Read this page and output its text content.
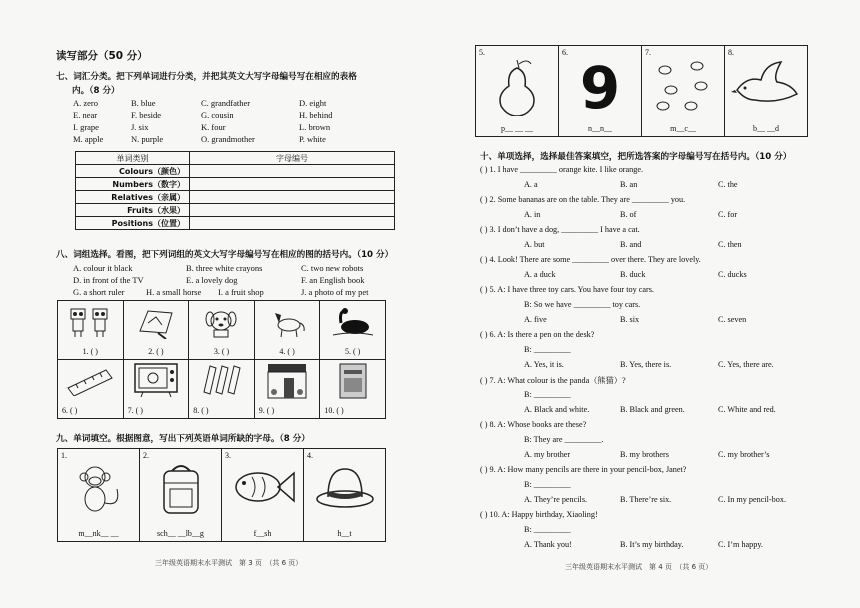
读写部分（50 分）
七、词汇分类。把下列单词进行分类，并把其英文大写字母编号写在相应的表格
内。（8 分）
A. zero	B. blue	C. grandfather	D. eight
E. near	F. beside	G. cousin	H. behind
I. grape	J. six	K. four	L. brown
M. apple	N. purple	O. grandmother	P. white
单词类别	字母编号
Colours（颜色）	
Numbers（数字）	
Relatives（亲属）	
Fruits（水果）	
Positions（位置）	
八、词组选择。看图，把下列词组的英文大写字母编号写在相应的图的括号内。（10 分）
A. colour it black	B. three white crayons	C. two new robots
D. in front of the TV	E. a lovely dog	F. an English book
G. a short ruler	H. a small horse I. a fruit shop	J. a photo of my pet
1. ( )	2. ( )	3. ( )	4. ( )	5. ( )
6. ( )	7. ( )	8. ( )	9. ( )	10. ( )
九、单词填空。根据图意，写出下列英语单词所缺的字母。（8 分）
1.
m__nk__ __
2.
sch__ __lb__g
3.
f__sh
4.
h__t
三年级英语期末水平测试　第 3 页　（共 6 页）
5.
p__ __ __
6.
9
n__n__
7.
m__c__
8.
b__ __d
十、单项选择，选择最佳答案填空，把所选答案的字母编号写在括号内。（10 分）
( ) 1. I have _________ orange kite. I like orange.
A. a	B. an	C. the
( ) 2. Some bananas are on the table. They are _________ you.
A. in	B. of	C. for
( ) 3. I don’t have a dog, _________ I have a cat.
A. but	B. and	C. then
( ) 4. Look! There are some _________ over there. They are lovely.
A. a duck	B. duck	C. ducks
( ) 5. A: I have three toy cars. You have four toy cars.
B: So we have _________ toy cars.
A. five	B. six	C. seven
( ) 6. A: Is there a pen on the desk?
B: _________
A. Yes, it is.	B. Yes, there is.	C. Yes, there are.
( ) 7. A: What colour is the panda（熊猫）?
B: _________
A. Black and white.	B. Black and green.	C. White and red.
( ) 8. A: Whose books are these?
B: They are _________.
A. my brother	B. my brothers	C. my brother’s
( ) 9. A: How many pencils are there in your pencil-box, Janet?
B: _________
A. They’re pencils.	B. There’re six.	C. In my pencil-box.
( ) 10. A: Happy birthday, Xiaoling!
B: _________
A. Thank you!	B. It’s my birthday.	C. I’m happy.
三年级英语期末水平测试　第 4 页　（共 6 页）
